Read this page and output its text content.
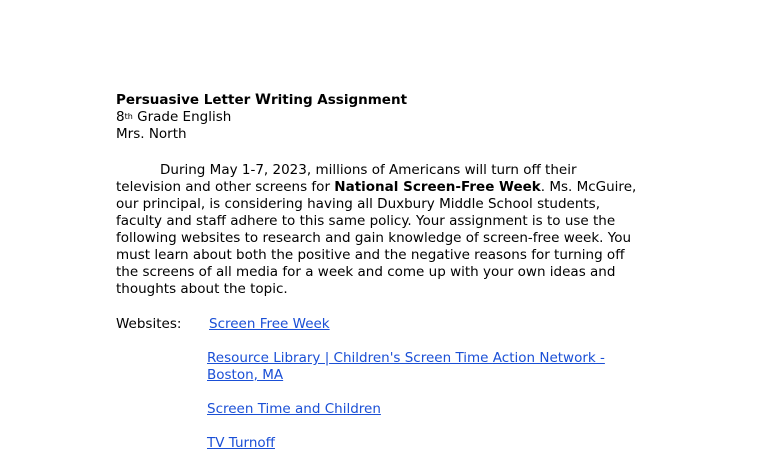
Persuasive Letter Writing Assignment
8th Grade English
Mrs. North
During May 1-7, 2023, millions of Americans will turn off their
television and other screens for National Screen-Free Week. Ms. McGuire,
our principal, is considering having all Duxbury Middle School students,
faculty and staff adhere to this same policy. Your assignment is to use the
following websites to research and gain knowledge of screen-free week. You
must learn about both the positive and the negative reasons for turning off
the screens of all media for a week and come up with your own ideas and
thoughts about the topic.
Websites: Screen Free Week
Resource Library | Children's Screen Time Action Network -
Boston, MA
Screen Time and Children
TV Turnoff
